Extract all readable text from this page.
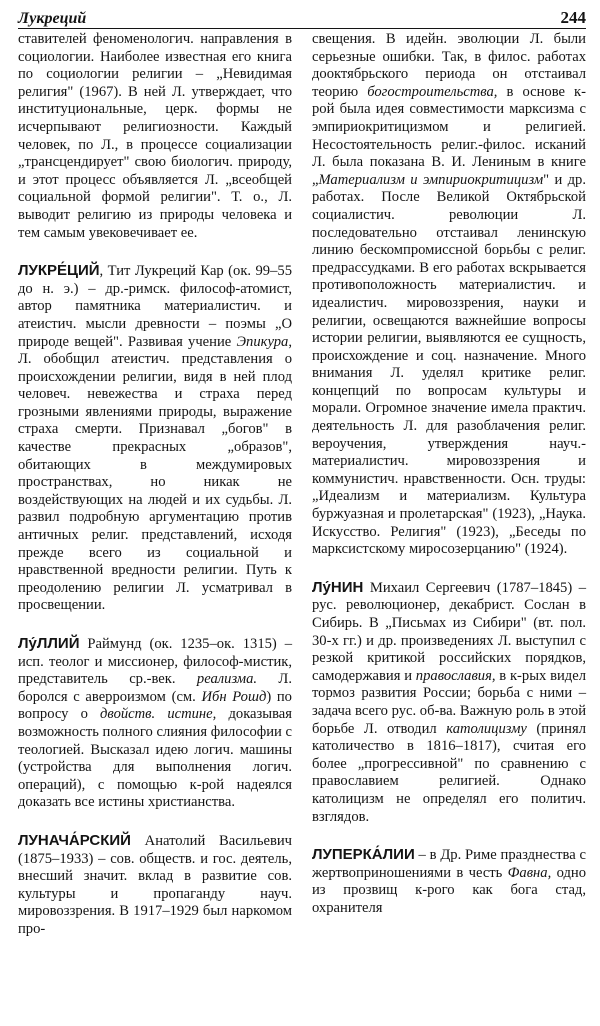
Лукреций	244

ставителей феноменологич. направления в социологии. Наиболее известная его книга по социологии религии – „Невидимая религия" (1967). В ней Л. утверждает, что институциональные, церк. формы не исчерпывают религиозности. Каждый человек, по Л., в процессе социализации „трансцендирует" свою биологич. природу, и этот процесс объявляется Л. „всеобщей социальной формой религии". Т. о., Л. выводит религию из природы человека и тем самым увековечивает ее.

ЛУКРЕ́ЦИЙ, Тит Лукреций Кар (ок. 99–55 до н. э.) – др.-римск. философ-атомист, автор памятника материалистич. и атеистич. мысли древности – поэмы „О природе вещей". Развивая учение Эпикура, Л. обобщил атеистич. представления о происхождении религии, видя в ней плод человеч. невежества и страха перед грозными явлениями природы, выражение страха смерти. Признавал „богов" в качестве прекрасных „образов", обитающих в междумировых пространствах, но никак не воздействующих на людей и их судьбы. Л. развил подробную аргументацию против античных религ. представлений, исходя прежде всего из социальной и нравственной вредности религии. Путь к преодолению религии Л. усматривал в просвещении.

Лу́ЛЛИЙ Раймунд (ок. 1235–ок. 1315) – исп. теолог и миссионер, философ-мистик, представитель ср.-век. реализма. Л. боролся с аверроизмом (см. Ибн Рошд) по вопросу о двойств. истине, доказывая возможность полного слияния философии с теологией. Высказал идею логич. машины (устройства для выполнения логич. операций), с помощью к-рой надеялся доказать все истины христианства.

ЛУНАЧА́РСКИЙ Анатолий Васильевич (1875–1933) – сов. обществ. и гос. деятель, внесший значит. вклад в развитие сов. культуры и пропаганду науч. мировоззрения. В 1917–1929 был наркомом про-

свещения. В идейн. эволюции Л. были серьезные ошибки. Так, в филос. работах дооктябрьского периода он отстаивал теорию богостроительства, в основе к-рой была идея совместимости марксизма с эмпириокритицизмом и религией. Несостоятельность религ.-филос. исканий Л. была показана В. И. Лениным в книге „Материализм и эмпириокритицизм" и др. работах. После Великой Октябрьской социалистич. революции Л. последовательно отстаивал ленинскую линию бескомпромиссной борьбы с религ. предрассудками. В его работах вскрывается противоположность материалистич. и идеалистич. мировоззрения, науки и религии, освещаются важнейшие вопросы истории религии, выявляются ее сущность, происхождение и соц. назначение. Много внимания Л. уделял критике религ. концепций по вопросам культуры и морали. Огромное значение имела практич. деятельность Л. для разоблачения религ. вероучения, утверждения науч.-материалистич. мировоззрения и коммунистич. нравственности. Осн. труды: „Идеализм и материализм. Культура буржуазная и пролетарская" (1923), „Наука. Искусство. Религия" (1923), „Беседы по марксистскому миросозерцанию" (1924).

Лу́НИН Михаил Сергеевич (1787–1845) – рус. революционер, декабрист. Сослан в Сибирь. В „Письмах из Сибири" (вт. пол. 30-х гг.) и др. произведениях Л. выступил с резкой критикой российских порядков, самодержавия и православия, в к-рых видел тормоз развития России; борьба с ними – задача всего рус. об-ва. Важную роль в этой борьбе Л. отводил католицизму (принял католичество в 1816–1817), считая его более „прогрессивной" по сравнению с православием религией. Однако католицизм не определял его политич. взглядов.

ЛУПЕРКА́ЛИИ – в Др. Риме празднества с жертвоприношениями в честь Фавна, одно из прозвищ к-рого как бога стад, охранителя
